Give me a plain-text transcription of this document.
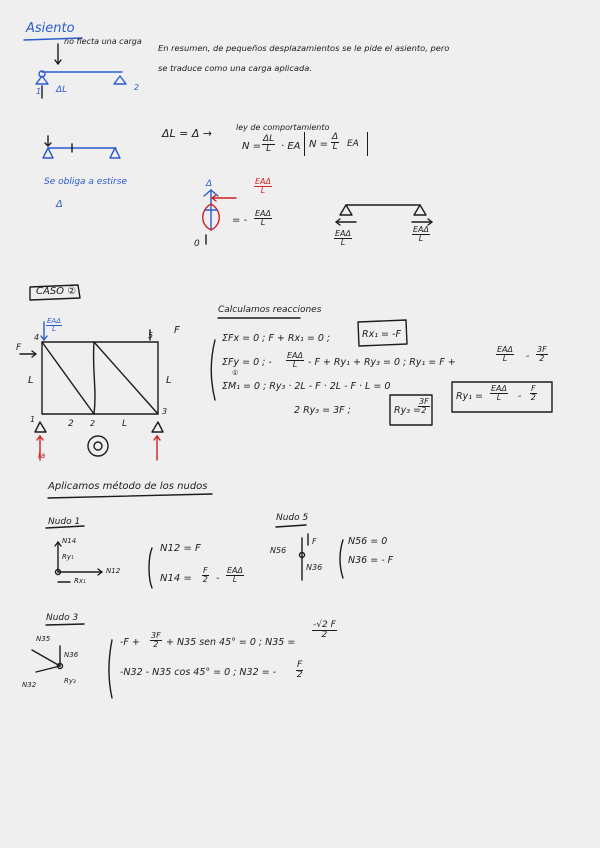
Asiento
no flecta una carga
ΔL
1	2
En resumen, de pequeños desplazamientos se le pide el asiento, pero
se traduce como una carga aplicada.
ΔL = Δ →	ley de comportamiento
$N = \frac{\Delta L}{L}$ · EA $N = \frac{\Delta}{L}$ EA
Se obliga a estirse
Δ
Δ
0
EAΔ
L
= -
EAΔ
L
EAΔ
L
EAΔ
L
CASO ②
EAΔ
L
F
F
L	L
4	5
1	2
3
2	L
Ia
Calculamos reacciones
ΣFx = 0 ; F + Rx₁ = 0 ;	Rx₁ = -F
ΣFy = 0 ; -
EAΔ
L	- F + Ry₁ + Ry₃ = 0 ; Ry₁ = F +
EAΔ
L	- $\frac{3F}{2}$
①
ΣM₁ = 0 ; Ry₃ · 2L - F · 2L - F · L = 0
2 Ry₃ = 3F ;	Ry₃ =
$\frac{3F}{2}$
Ry₁ =
EAΔ
L	- $\frac{F}{2}$
Aplicamos método de los nudos
Nudo 1
N14
Ry₁
Rx₁
N12
N12 = F
$N14 = \frac{F}{2}$ -
EAΔ
L
Nudo 5
F
N56
N36
N56 = 0
N36 = - F
Nudo 3
N35
N36
N32	Ry₃
$-F + \frac{3F}{2} + N35$ sen 45° = 0 ; N35 =
$\frac{-√2 F}{2}$
-N32 - N35 cos 45° = 0 ; N32 = - $\frac{F}{2}$
